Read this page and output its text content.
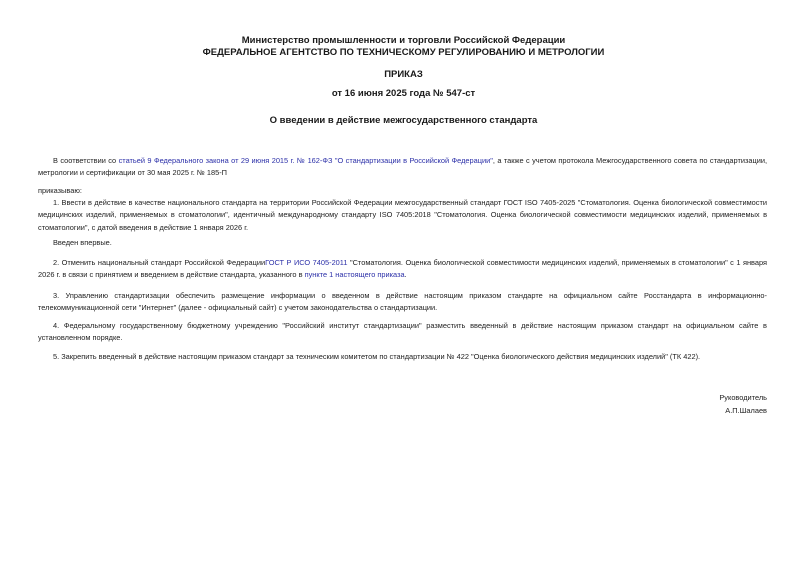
Министерство промышленности и торговли Российской Федерации
ФЕДЕРАЛЬНОЕ АГЕНТСТВО ПО ТЕХНИЧЕСКОМУ РЕГУЛИРОВАНИЮ И МЕТРОЛОГИИ
ПРИКАЗ
от 16 июня 2025 года № 547-ст
О введении в действие межгосударственного стандарта
В соответствии со статьей 9 Федерального закона от 29 июня 2015 г. № 162-ФЗ "О стандартизации в Российской Федерации", а также с учетом протокола Межгосударственного совета по стандартизации, метрологии и сертификации от 30 мая 2025 г. № 185-П
приказываю:
1. Ввести в действие в качестве национального стандарта на территории Российской Федерации межгосударственный стандарт ГОСТ ISO 7405-2025 "Стоматология. Оценка биологической совместимости медицинских изделий, применяемых в стоматологии", идентичный международному стандарту ISO 7405:2018 "Стоматология. Оценка биологической совместимости медицинских изделий, применяемых в стоматологии", с датой введения в действие 1 января 2026 г.
Введен впервые.
2. Отменить национальный стандарт Российской ФедерацииГОСТ Р ИСО 7405-2011 "Стоматология. Оценка биологической совместимости медицинских изделий, применяемых в стоматологии" с 1 января 2026 г. в связи с принятием и введением в действие стандарта, указанного в пункте 1 настоящего приказа.
3. Управлению стандартизации обеспечить размещение информации о введенном в действие настоящим приказом стандарте на официальном сайте Росстандарта в информационно-телекоммуникационной сети "Интернет" (далее - официальный сайт) с учетом законодательства о стандартизации.
4. Федеральному государственному бюджетному учреждению "Российский институт стандартизации" разместить введенный в действие настоящим приказом стандарт на официальном сайте в установленном порядке.
5. Закрепить введенный в действие настоящим приказом стандарт за техническим комитетом по стандартизации № 422 "Оценка биологического действия медицинских изделий" (ТК 422).
Руководитель
А.П.Шалаев
